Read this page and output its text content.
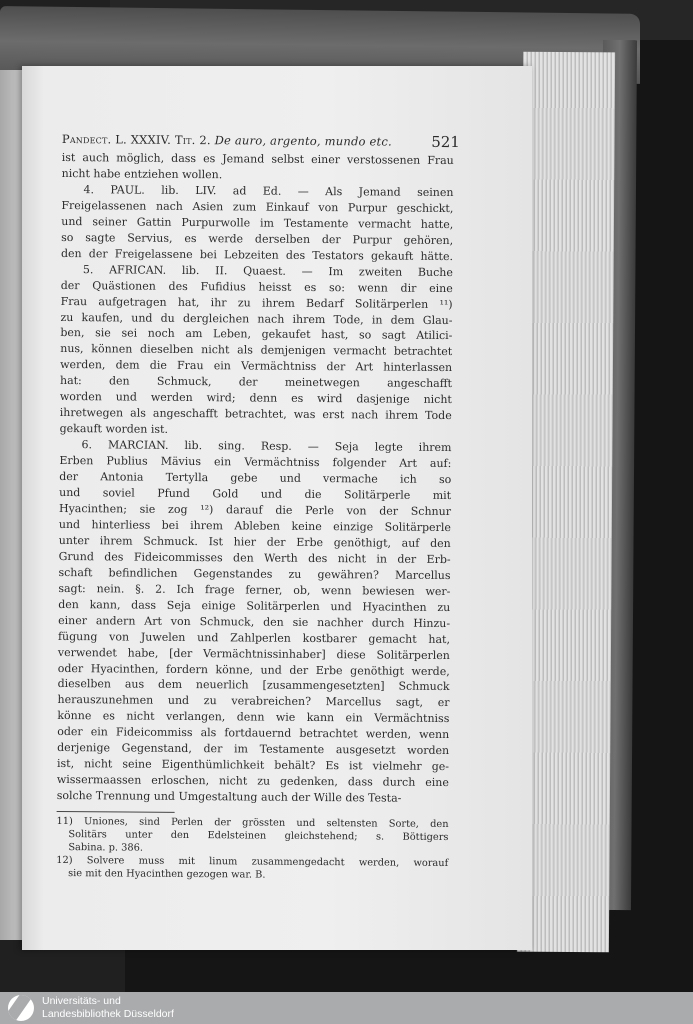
Pandect. L. XXXIV. Tit. 2. De auro, argento, mundo etc.	521
ist auch möglich, dass es Jemand selbst einer verstossenen Frau
nicht habe entziehen wollen.
4. PAUL. lib. LIV. ad Ed. — Als Jemand seinen
Freigelassenen nach Asien zum Einkauf von Purpur geschickt,
und seiner Gattin Purpurwolle im Testamente vermacht hatte,
so sagte Servius, es werde derselben der Purpur gehören,
den der Freigelassene bei Lebzeiten des Testators gekauft hätte.
5. AFRICAN. lib. II. Quaest. — Im zweiten Buche
der Quästionen des Fufidius heisst es so: wenn dir eine
Frau aufgetragen hat, ihr zu ihrem Bedarf Solitärperlen ¹¹)
zu kaufen, und du dergleichen nach ihrem Tode, in dem Glau-
ben, sie sei noch am Leben, gekaufet hast, so sagt Atilici-
nus, können dieselben nicht als demjenigen vermacht betrachtet
werden, dem die Frau ein Vermächtniss der Art hinterlassen
hat: den Schmuck, der meinetwegen angeschafft
worden und werden wird; denn es wird dasjenige nicht
ihretwegen als angeschafft betrachtet, was erst nach ihrem Tode
gekauft worden ist.
6. MARCIAN. lib. sing. Resp. — Seja legte ihrem
Erben Publius Mävius ein Vermächtniss folgender Art auf:
der Antonia Tertylla gebe und vermache ich so
und soviel Pfund Gold und die Solitärperle mit
Hyacinthen; sie zog ¹²) darauf die Perle von der Schnur
und hinterliess bei ihrem Ableben keine einzige Solitärperle
unter ihrem Schmuck. Ist hier der Erbe genöthigt, auf den
Grund des Fideicommisses den Werth des nicht in der Erb-
schaft befindlichen Gegenstandes zu gewähren? Marcellus
sagt: nein. §. 2. Ich frage ferner, ob, wenn bewiesen wer-
den kann, dass Seja einige Solitärperlen und Hyacinthen zu
einer andern Art von Schmuck, den sie nachher durch Hinzu-
fügung von Juwelen und Zahlperlen kostbarer gemacht hat,
verwendet habe, [der Vermächtnissinhaber] diese Solitärperlen
oder Hyacinthen, fordern könne, und der Erbe genöthigt werde,
dieselben aus dem neuerlich [zusammengesetzten] Schmuck
herauszunehmen und zu verabreichen? Marcellus sagt, er
könne es nicht verlangen, denn wie kann ein Vermächtniss
oder ein Fideicommiss als fortdauernd betrachtet werden, wenn
derjenige Gegenstand, der im Testamente ausgesetzt worden
ist, nicht seine Eigenthümlichkeit behält? Es ist vielmehr ge-
wissermaassen erloschen, nicht zu gedenken, dass durch eine
solche Trennung und Umgestaltung auch der Wille des Testa-
11) Uniones, sind Perlen der grössten und seltensten Sorte, den
Solitärs unter den Edelsteinen gleichstehend; s. Böttigers
Sabina. p. 386.
12) Solvere muss mit linum zusammengedacht werden, worauf
sie mit den Hyacinthen gezogen war. B.
Universitäts- und
Landesbibliothek Düsseldorf
